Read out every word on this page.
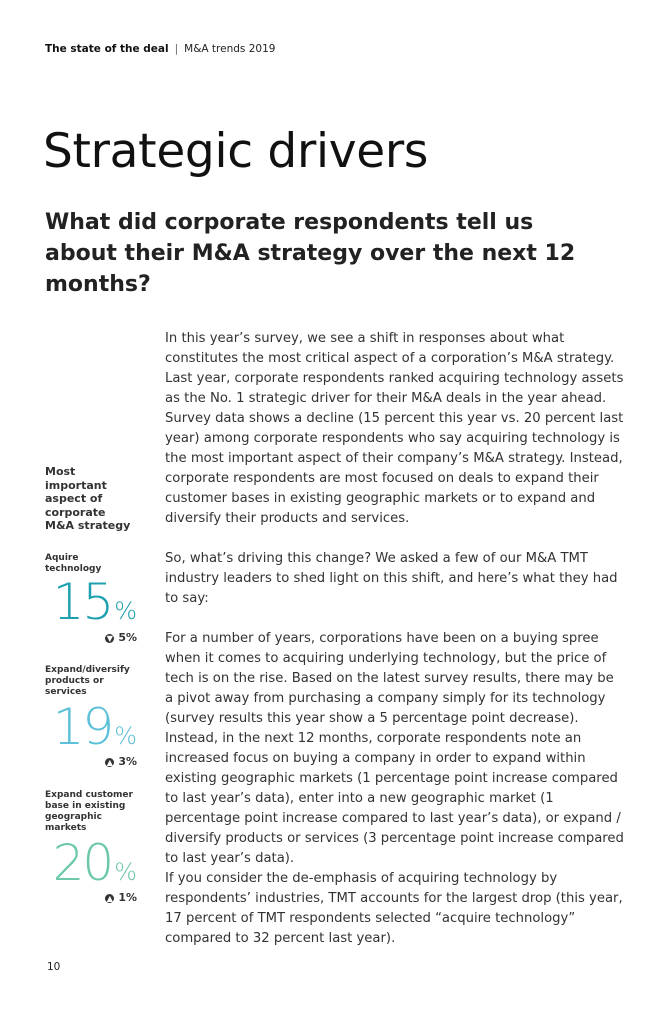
The state of the deal | M&A trends 2019
Strategic drivers
What did corporate respondents tell us about their M&A strategy over the next 12 months?
Most important aspect of corporate M&A strategy
Aquire technology
15%
▼ 5%
Expand/diversify products or services
19%
▲ 3%
Expand customer base in existing geographic markets
20%
▲ 1%

In this year’s survey, we see a shift in responses about what constitutes the most critical aspect of a corporation’s M&A strategy. Last year, corporate respondents ranked acquiring technology assets as the No. 1 strategic driver for their M&A deals in the year ahead. Survey data shows a decline (15 percent this year vs. 20 percent last year) among corporate respondents who say acquiring technology is the most important aspect of their company’s M&A strategy. Instead, corporate respondents are most focused on deals to expand their customer bases in existing geographic markets or to expand and diversify their products and services.

So, what’s driving this change? We asked a few of our M&A TMT industry leaders to shed light on this shift, and here’s what they had to say:

For a number of years, corporations have been on a buying spree when it comes to acquiring underlying technology, but the price of tech is on the rise. Based on the latest survey results, there may be a pivot away from purchasing a company simply for its technology (survey results this year show a 5 percentage point decrease). Instead, in the next 12 months, corporate respondents note an increased focus on buying a company in order to expand within existing geographic markets (1 percentage point increase compared to last year’s data), enter into a new geographic market (1 percentage point increase compared to last year’s data), or expand / diversify products or services (3 percentage point increase compared to last year’s data).

If you consider the de-emphasis of acquiring technology by respondents’ industries, TMT accounts for the largest drop (this year, 17 percent of TMT respondents selected “acquire technology” compared to 32 percent last year).

10
